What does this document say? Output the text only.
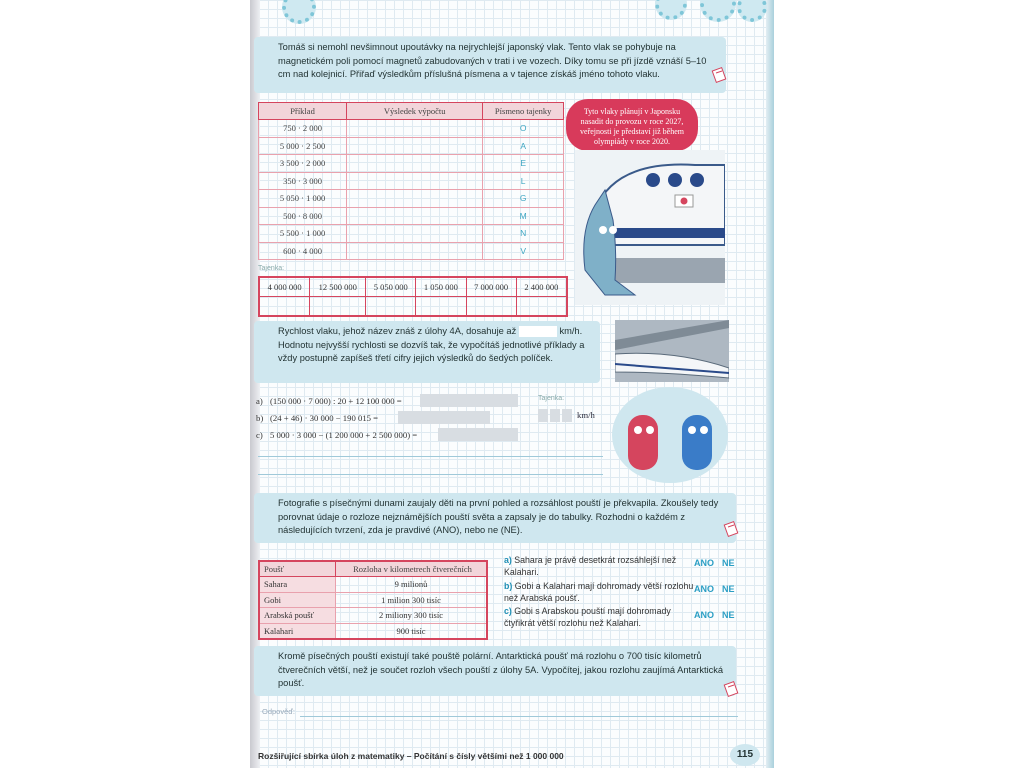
Tomáš si nemohl nevšimnout upoutávky na nejrychlejší japonský vlak. Tento vlak se pohybuje na magnetickém poli pomocí magnetů zabudovaných v trati i ve vozech. Díky tomu se při jízdě vznáší 5–10 cm nad kolejnicí. Přiřaď výsledkům příslušná písmena a v tajence získáš jméno tohoto vlaku.
Příklad	Výsledek výpočtu	Písmeno tajenky
750 · 2 000		O
5 000 · 2 500		A
3 500 · 2 000		E
350 · 3 000		L
5 050 · 1 000		G
500 · 8 000		M
5 500 · 1 000		N
600 · 4 000		V
Tajenka:
4 000 000	12 500 000	5 050 000	1 050 000	7 000 000	2 400 000

Tyto vlaky plánují v Japonsku nasadit do provozu v roce 2027, veřejnosti je představí již během olympiády v roce 2020.
Rychlost vlaku, jehož název znáš z úlohy 4A, dosahuje až	km/h. Hodnotu nejvyšší rychlosti se dozvíš tak, že vypočítáš jednotlivé příklady a vždy postupně zapíšeš třetí cifry jejich výsledků do šedých políček.
a) (150 000 · 7 000) : 20 + 12 100 000 =
b) (24 + 46) · 30 000 − 190 015 =
c) 5 000 · 3 000 − (1 200 000 + 2 500 000) =
Tajenka:
km/h
Fotografie s písečnými dunami zaujaly děti na první pohled a rozsáhlost pouští je překvapila. Zkoušely tedy porovnat údaje o rozloze nejznámějších pouští světa a zapsaly je do tabulky. Rozhodni o každém z následujících tvrzení, zda je pravdivé (ANO), nebo ne (NE).
Poušť	Rozloha v kilometrech čtverečních
Sahara	9 milionů
Gobi	1 milion 300 tisíc
Arabská poušť	2 miliony 300 tisíc
Kalahari	900 tisíc
a) Sahara je právě desetkrát rozsáhlejší než Kalahari.
ANO NE
b) Gobi a Kalahari mají dohromady větší rozlohu než Arabská poušť.
ANO NE
c) Gobi s Arabskou pouští mají dohromady čtyřikrát větší rozlohu než Kalahari.
ANO NE
Kromě písečných pouští existují také pouště polární. Antarktická poušť má rozlohu o 700 tisíc kilometrů čtverečních větší, než je součet rozloh všech pouští z úlohy 5A. Vypočítej, jakou rozlohu zaujímá Antarktická poušť.
Odpověď:
Rozšiřující sbírka úloh z matematiky – Počítání s čísly většími než 1 000 000	115
